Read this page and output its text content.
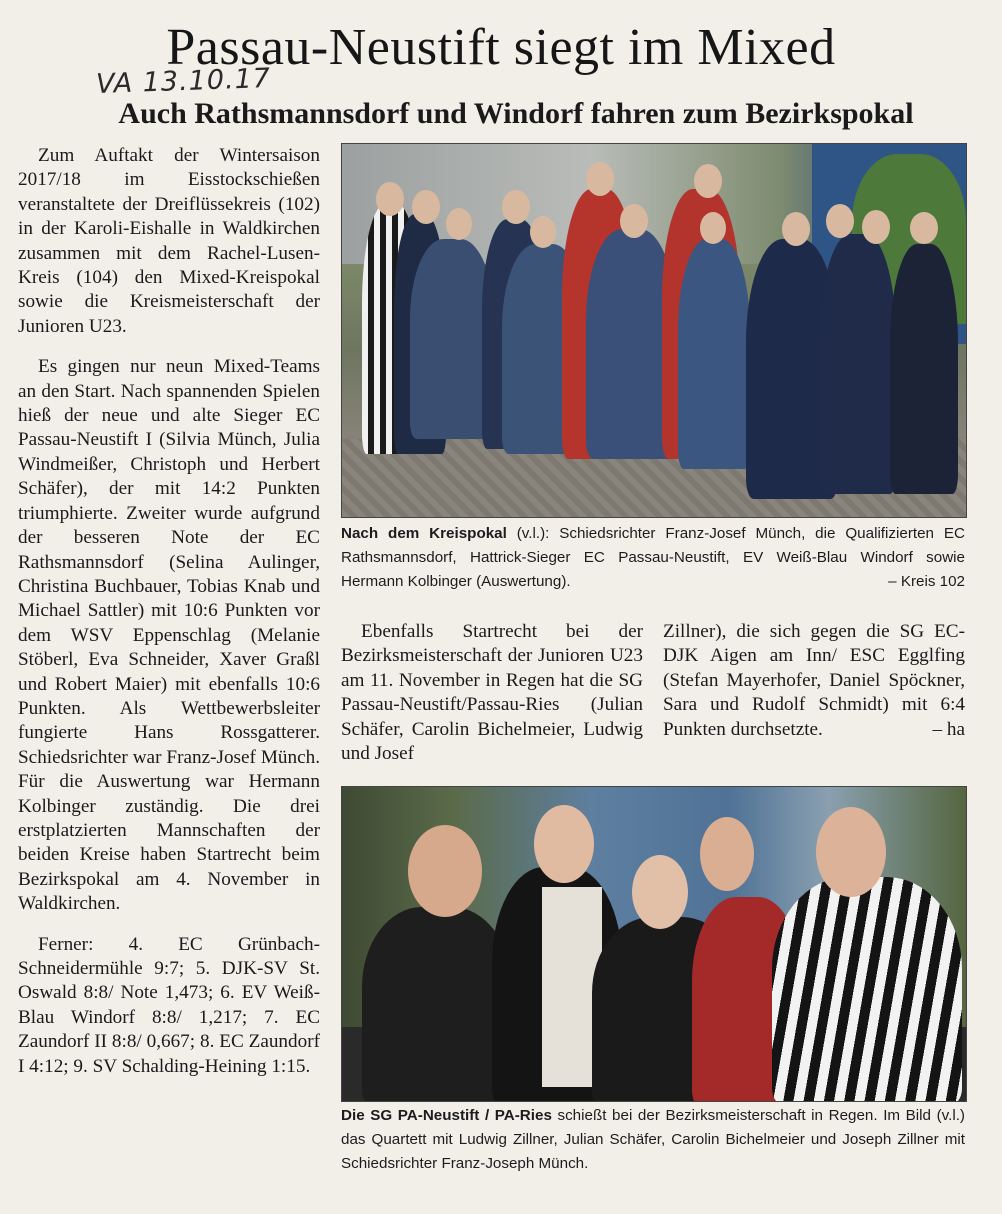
Passau-Neustift siegt im Mixed
VA 13.10.17
Auch Rathsmannsdorf und Windorf fahren zum Bezirkspokal

Zum Auftakt der Wintersaison 2017/18 im Eisstockschießen veranstaltete der Dreiflüssekreis (102) in der Karoli-Eishalle in Waldkirchen zusammen mit dem Rachel-Lusen-Kreis (104) den Mixed-Kreispokal sowie die Kreismeisterschaft der Junioren U23.

Es gingen nur neun Mixed-Teams an den Start. Nach spannenden Spielen hieß der neue und alte Sieger EC Passau-Neustift I (Silvia Münch, Julia Windmeißer, Christoph und Herbert Schäfer), der mit 14:2 Punkten triumphierte. Zweiter wurde aufgrund der besseren Note der EC Rathsmannsdorf (Selina Aulinger, Christina Buchbauer, Tobias Knab und Michael Sattler) mit 10:6 Punkten vor dem WSV Eppenschlag (Melanie Stöberl, Eva Schneider, Xaver Graßl und Robert Maier) mit ebenfalls 10:6 Punkten. Als Wettbewerbsleiter fungierte Hans Rossgatterer. Schiedsrichter war Franz-Josef Münch. Für die Auswertung war Hermann Kolbinger zuständig. Die drei erstplatzierten Mannschaften der beiden Kreise haben Startrecht beim Bezirkspokal am 4. November in Waldkirchen.

Ferner: 4. EC Grünbach-Schneidermühle 9:7; 5. DJK-SV St. Oswald 8:8/ Note 1,473; 6. EV Weiß-Blau Windorf 8:8/ 1,217; 7. EC Zaundorf II 8:8/ 0,667; 8. EC Zaundorf I 4:12; 9. SV Schalding-Heining 1:15.

Nach dem Kreispokal (v.l.): Schiedsrichter Franz-Josef Münch, die Qualifizierten EC Rathsmannsdorf, Hattrick-Sieger EC Passau-Neustift, EV Weiß-Blau Windorf sowie Hermann Kolbinger (Auswertung).	– Kreis 102

Ebenfalls Startrecht bei der Bezirksmeisterschaft der Junioren U23 am 11. November in Regen hat die SG Passau-Neustift/Passau-Ries (Julian Schäfer, Carolin Bichelmeier, Ludwig und Josef

Zillner), die sich gegen die SG EC-DJK Aigen am Inn/ ESC Egglfing (Stefan Mayerhofer, Daniel Spöckner, Sara und Rudolf Schmidt) mit 6:4 Punkten durchsetzte.	– ha

Die SG PA-Neustift / PA-Ries schießt bei der Bezirksmeisterschaft in Regen. Im Bild (v.l.) das Quartett mit Ludwig Zillner, Julian Schäfer, Carolin Bichelmeier und Joseph Zillner mit Schiedsrichter Franz-Joseph Münch.
